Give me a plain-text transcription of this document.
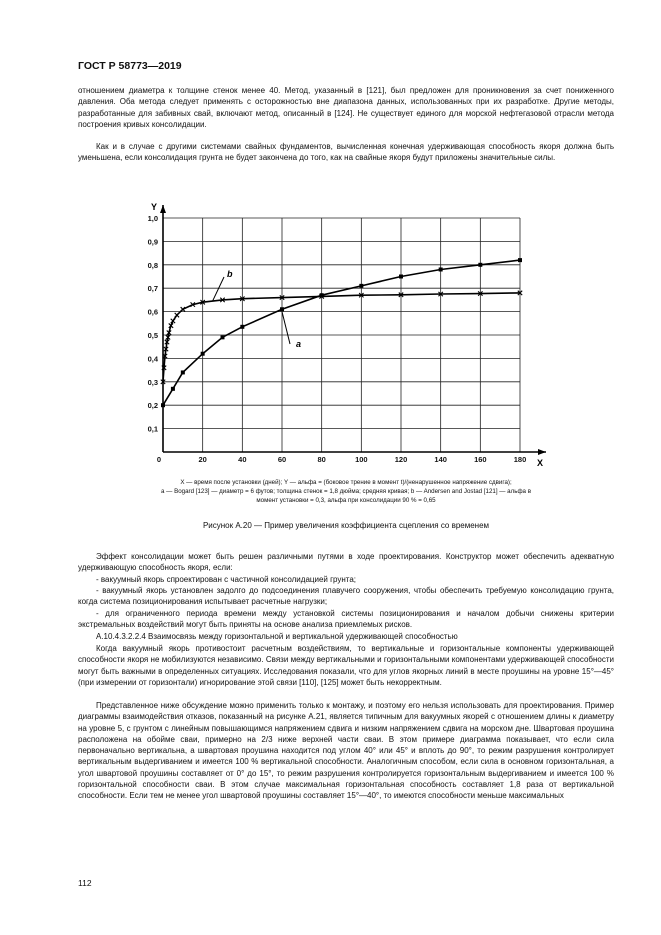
ГОСТ Р 58773—2019
отношением диаметра к толщине стенок менее 40. Метод, указанный в [121], был предложен для проникновения за счет пониженного давления. Оба метода следует применять с осторожностью вне диапазона данных, использованных при их разработке. Другие методы, разработанные для забивных свай, включают метод, описанный в [124]. Не существует единого для морской нефтегазовой отрасли метода построения кривых консолидации.
Как и в случае с другими системами свайных фундаментов, вычисленная конечная удерживающая способность якоря должна быть уменьшена, если консолидация грунта не будет закончена до того, как на свайные якоря будут приложены значительные силы.
0	20	40	60	80	100	120	140	160	180
0,1
0,2
0,3
0,4
0,5
0,6
0,7
0,8
0,9
1,0
X
Y
a
b
X — время после установки (дней); Y — альфа = (боковое трение в момент t)/(ненарушенное напряжение сдвига);
a — Bogard [123] — диаметр = 6 футов; толщина стенок = 1,8 дюйма; средняя кривая; b — Andersen and Jostad [121] — альфа в
момент установки = 0,3, альфа при консолидации 90 % = 0,65
Рисунок А.20 — Пример увеличения коэффициента сцепления со временем
Эффект консолидации может быть решен различными путями в ходе проектирования. Конструктор может обеспечить адекватную удерживающую способность якоря, если:
- вакуумный якорь спроектирован с частичной консолидацией грунта;
- вакуумный якорь установлен задолго до подсоединения плавучего сооружения, чтобы обеспечить требуемую консолидацию грунта, когда система позиционирования испытывает расчетные нагрузки;
- для ограниченного периода времени между установкой системы позиционирования и началом добычи снижены критерии экстремальных воздействий могут быть приняты на основе анализа приемлемых рисков.
А.10.4.3.2.2.4 Взаимосвязь между горизонтальной и вертикальной удерживающей способностью
Когда вакуумный якорь противостоит расчетным воздействиям, то вертикальные и горизонтальные компоненты удерживающей способности якоря не мобилизуются независимо. Связи между вертикальными и горизонтальными компонентами удерживающей способности могут быть важными в определенных ситуациях. Исследования показали, что для углов якорных линий в месте проушины на уровне 15°—45° (при измерении от горизонтали) игнорирование этой связи [110], [125] может быть некорректным.
Представленное ниже обсуждение можно применить только к монтажу, и поэтому его нельзя использовать для проектирования. Пример диаграммы взаимодействия отказов, показанный на рисунке А.21, является типичным для вакуумных якорей с отношением длины к диаметру на уровне 5, с грунтом с линейным повышающимся напряжением сдвига и низким напряжением сдвига на морском дне. Швартовая проушина расположена на обойме сваи, примерно на 2/3 ниже верхней части сваи. В этом примере диаграмма показывает, что если сила первоначально вертикальна, а швартовая проушина находится под углом 40° или 45° и вплоть до 90°, то режим разрушения контролирует вертикальным выдергиванием и имеется 100 % вертикальной способности. Аналогичным способом, если сила в основном горизонтальная, а угол швартовой проушины составляет от 0° до 15°, то режим разрушения контролируется горизонтальным выдергиванием и имеется 100 % горизонтальной способности сваи. В этом случае максимальная горизонтальная способность составляет 1,8 раза от вертикальной способности. Если тем не менее угол швартовой проушины составляет 15°—40°, то имеются способности меньше максимальных
112
